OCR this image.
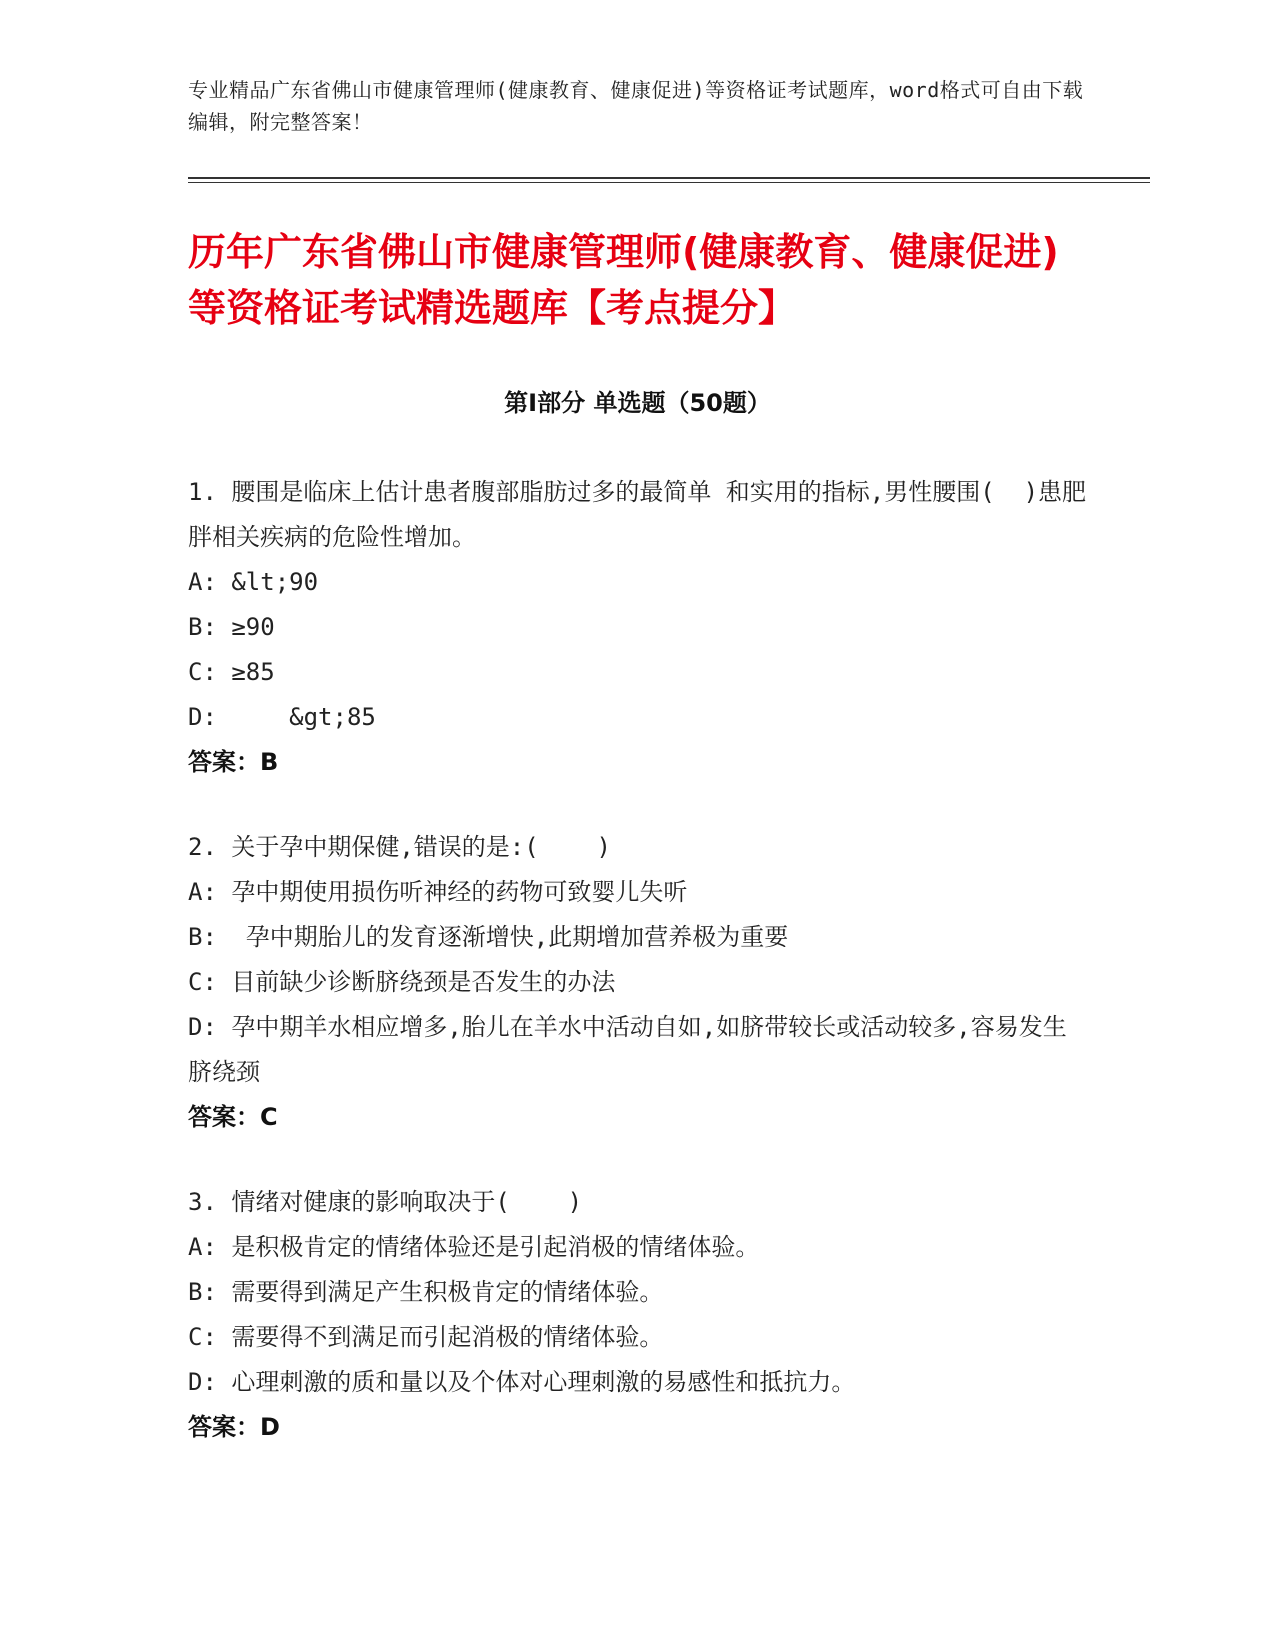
专业精品广东省佛山市健康管理师(健康教育、健康促进)等资格证考试题库，word格式可自由下载编辑，附完整答案！
历年广东省佛山市健康管理师(健康教育、健康促进)等资格证考试精选题库【考点提分】
第Ⅰ部分 单选题（50题）
1. 腰围是临床上估计患者腹部脂肪过多的最简单 和实用的指标,男性腰围(  )患肥胖相关疾病的危险性增加。
A: &lt;90
B: ≥90
C: ≥85
D:     &gt;85
答案：B
2. 关于孕中期保健,错误的是:(    )
A: 孕中期使用损伤听神经的药物可致婴儿失听
B:  孕中期胎儿的发育逐渐增快,此期增加营养极为重要
C: 目前缺少诊断脐绕颈是否发生的办法
D: 孕中期羊水相应增多,胎儿在羊水中活动自如,如脐带较长或活动较多,容易发生脐绕颈
答案：C
3. 情绪对健康的影响取决于(    )
A: 是积极肯定的情绪体验还是引起消极的情绪体验。
B: 需要得到满足产生积极肯定的情绪体验。
C: 需要得不到满足而引起消极的情绪体验。
D: 心理刺激的质和量以及个体对心理刺激的易感性和抵抗力。
答案：D
